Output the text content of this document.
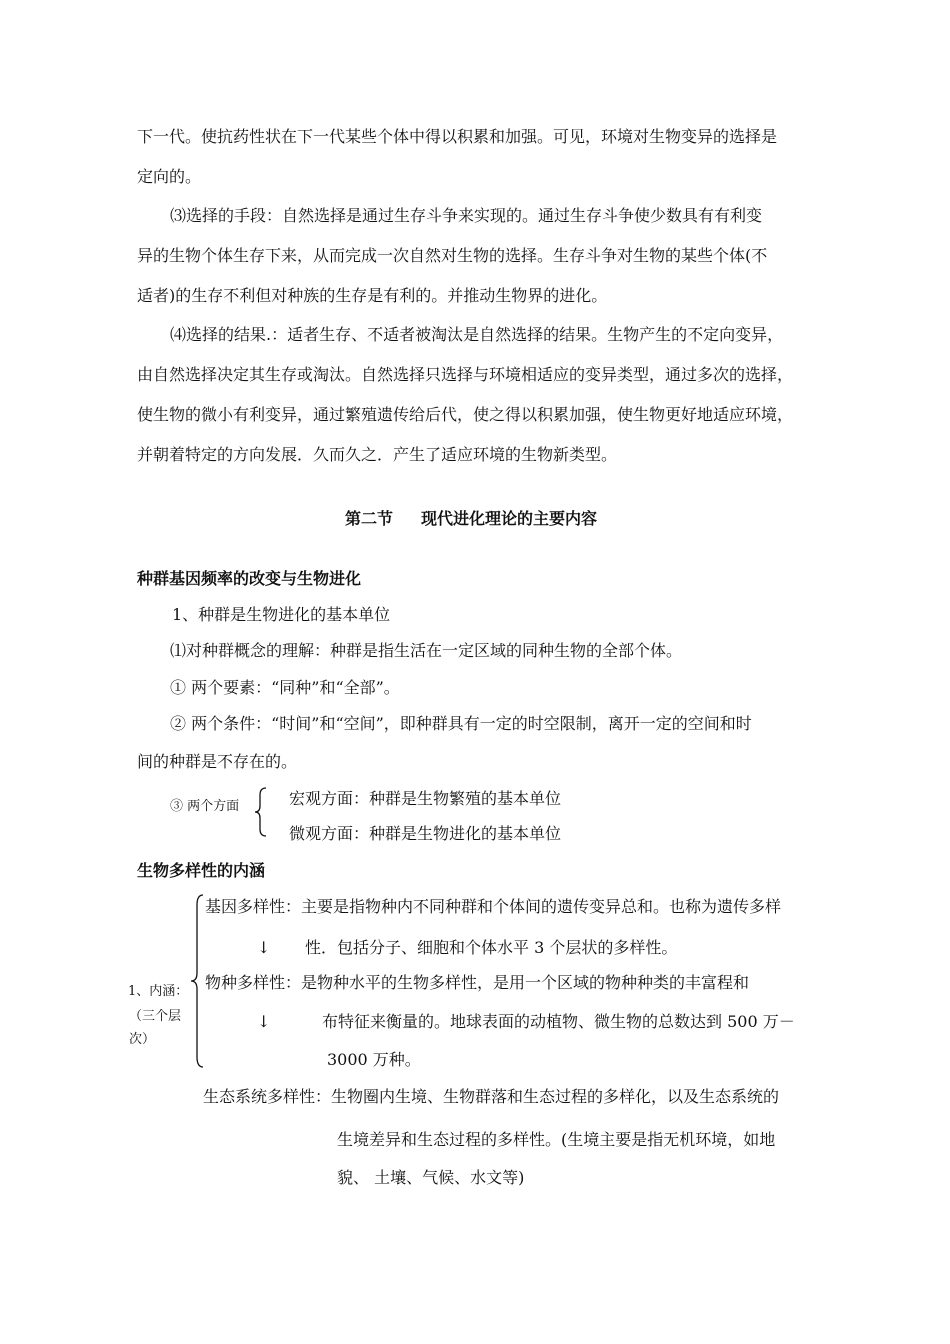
下一代。使抗药性状在下一代某些个体中得以积累和加强。可见，环境对生物变异的选择是
定向的。
⑶选择的手段：自然选择是通过生存斗争来实现的。通过生存斗争使少数具有有利变
异的生物个体生存下来，从而完成一次自然对生物的选择。生存斗争对生物的某些个体(不
适者)的生存不利但对种族的生存是有利的。并推动生物界的进化。
⑷选择的结果.：适者生存、不适者被淘汰是自然选择的结果。生物产生的不定向变异，
由自然选择决定其生存或淘汰。自然选择只选择与环境相适应的变异类型，通过多次的选择，
使生物的微小有利变异，通过繁殖遗传给后代，使之得以积累加强，使生物更好地适应环境，
并朝着特定的方向发展．久而久之．产生了适应环境的生物新类型。
第二节 现代进化理论的主要内容
种群基因频率的改变与生物进化
1、种群是生物进化的基本单位
⑴对种群概念的理解：种群是指生活在一定区域的同种生物的全部个体。
① 两个要素：“同种”和“全部”。
② 两个条件：“时间”和“空间”，即种群具有一定的时空限制，离开一定的空间和时
间的种群是不存在的。
③ 两个方面	宏观方面：种群是生物繁殖的基本单位
微观方面：种群是生物进化的基本单位
生物多样性的内涵
1、内涵：
（三个层
次）
基因多样性：主要是指物种内不同种群和个体间的遗传变异总和。也称为遗传多样
↓ 性．包括分子、细胞和个体水平 3 个层状的多样性。
物种多样性：是物种水平的生物多样性，是用一个区域的物种种类的丰富程和
↓	布特征来衡量的。地球表面的动植物、微生物的总数达到 500 万－
3000 万种。
生态系统多样性：生物圈内生境、生物群落和生态过程的多样化，以及生态系统的
生境差异和生态过程的多样性。(生境主要是指无机环境，如地
貌、 土壤、气候、水文等)
